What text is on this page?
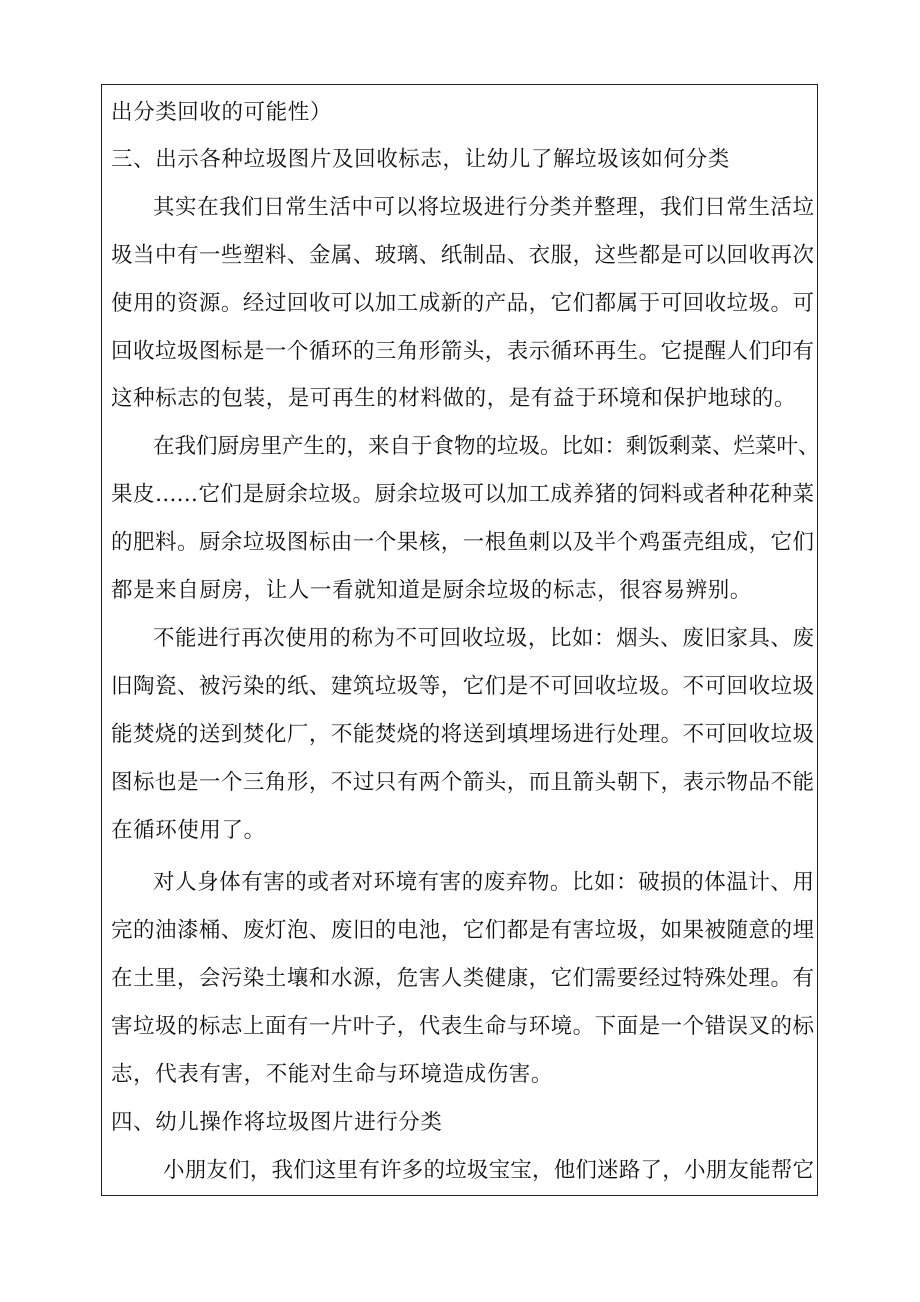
出分类回收的可能性）
三、出示各种垃圾图片及回收标志，让幼儿了解垃圾该如何分类
其实在我们日常生活中可以将垃圾进行分类并整理，我们日常生活垃
圾当中有一些塑料、金属、玻璃、纸制品、衣服，这些都是可以回收再次
使用的资源。经过回收可以加工成新的产品，它们都属于可回收垃圾。可
回收垃圾图标是一个循环的三角形箭头，表示循环再生。它提醒人们印有
这种标志的包装，是可再生的材料做的，是有益于环境和保护地球的。
在我们厨房里产生的，来自于食物的垃圾。比如：剩饭剩菜、烂菜叶、
果皮……它们是厨余垃圾。厨余垃圾可以加工成养猪的饲料或者种花种菜
的肥料。厨余垃圾图标由一个果核，一根鱼刺以及半个鸡蛋壳组成，它们
都是来自厨房，让人一看就知道是厨余垃圾的标志，很容易辨别。
不能进行再次使用的称为不可回收垃圾，比如：烟头、废旧家具、废
旧陶瓷、被污染的纸、建筑垃圾等，它们是不可回收垃圾。不可回收垃圾
能焚烧的送到焚化厂，不能焚烧的将送到填埋场进行处理。不可回收垃圾
图标也是一个三角形，不过只有两个箭头，而且箭头朝下，表示物品不能
在循环使用了。
对人身体有害的或者对环境有害的废弃物。比如：破损的体温计、用
完的油漆桶、废灯泡、废旧的电池，它们都是有害垃圾，如果被随意的埋
在土里，会污染土壤和水源，危害人类健康，它们需要经过特殊处理。有
害垃圾的标志上面有一片叶子，代表生命与环境。下面是一个错误叉的标
志，代表有害，不能对生命与环境造成伤害。
四、幼儿操作将垃圾图片进行分类
小朋友们，我们这里有许多的垃圾宝宝，他们迷路了，小朋友能帮它
